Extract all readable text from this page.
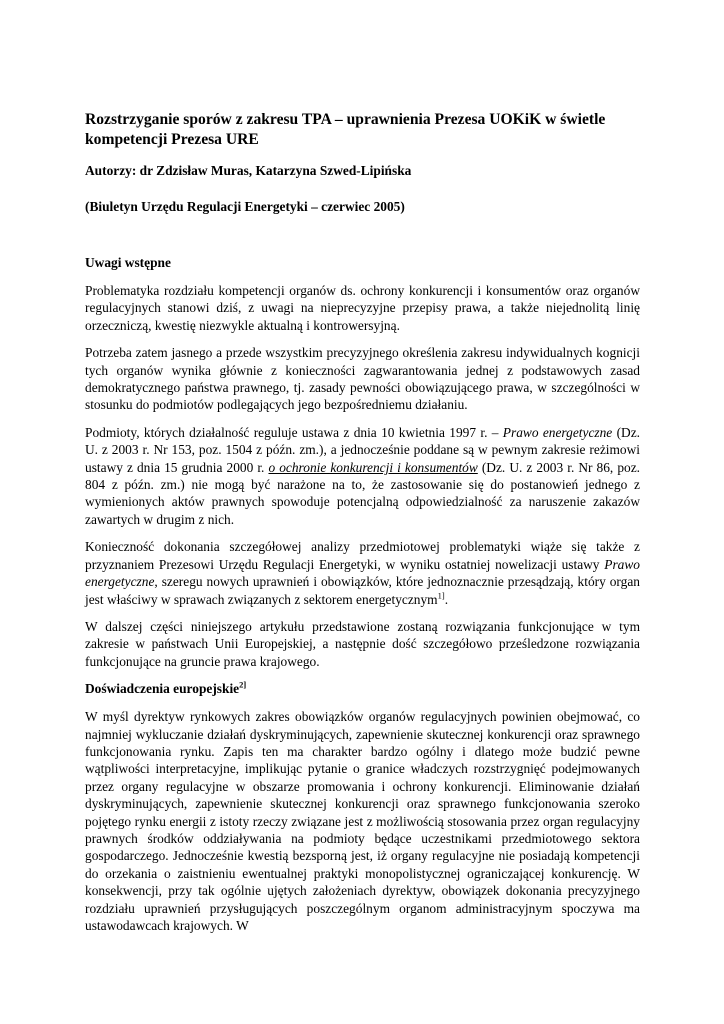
Rozstrzyganie sporów z zakresu TPA – uprawnienia Prezesa UOKiK w świetle kompetencji Prezesa URE
Autorzy: dr Zdzisław Muras, Katarzyna Szwed-Lipińska
(Biuletyn Urzędu Regulacji Energetyki – czerwiec 2005)
Uwagi wstępne

Problematyka rozdziału kompetencji organów ds. ochrony konkurencji i konsumentów oraz organów regulacyjnych stanowi dziś, z uwagi na nieprecyzyjne przepisy prawa, a także niejednolitą linię orzeczniczą, kwestię niezwykle aktualną i kontrowersyjną.

Potrzeba zatem jasnego a przede wszystkim precyzyjnego określenia zakresu indywidualnych kognicji tych organów wynika głównie z konieczności zagwarantowania jednej z podstawowych zasad demokratycznego państwa prawnego, tj. zasady pewności obowiązującego prawa, w szczególności w stosunku do podmiotów podlegających jego bezpośredniemu działaniu.

Podmioty, których działalność reguluje ustawa z dnia 10 kwietnia 1997 r. – Prawo energetyczne (Dz. U. z 2003 r. Nr 153, poz. 1504 z późn. zm.), a jednocześnie poddane są w pewnym zakresie reżimowi ustawy z dnia 15 grudnia 2000 r. o ochronie konkurencji i konsumentów (Dz. U. z 2003 r. Nr 86, poz. 804 z późn. zm.) nie mogą być narażone na to, że zastosowanie się do postanowień jednego z wymienionych aktów prawnych spowoduje potencjalną odpowiedzialność za naruszenie zakazów zawartych w drugim z nich.

Konieczność dokonania szczegółowej analizy przedmiotowej problematyki wiąże się także z przyznaniem Prezesowi Urzędu Regulacji Energetyki, w wyniku ostatniej nowelizacji ustawy Prawo energetyczne, szeregu nowych uprawnień i obowiązków, które jednoznacznie przesądzają, który organ jest właściwy w sprawach związanych z sektorem energetycznym$^{1]}$.

W dalszej części niniejszego artykułu przedstawione zostaną rozwiązania funkcjonujące w tym zakresie w państwach Unii Europejskiej, a następnie dość szczegółowo prześledzone rozwiązania funkcjonujące na gruncie prawa krajowego.

Doświadczenia europejskie$^{2]}$

W myśl dyrektyw rynkowych zakres obowiązków organów regulacyjnych powinien obejmować, co najmniej wykluczanie działań dyskryminujących, zapewnienie skutecznej konkurencji oraz sprawnego funkcjonowania rynku. Zapis ten ma charakter bardzo ogólny i dlatego może budzić pewne wątpliwości interpretacyjne, implikując pytanie o granice władczych rozstrzygnięć podejmowanych przez organy regulacyjne w obszarze promowania i ochrony konkurencji. Eliminowanie działań dyskryminujących, zapewnienie skutecznej konkurencji oraz sprawnego funkcjonowania szeroko pojętego rynku energii z istoty rzeczy związane jest z możliwością stosowania przez organ regulacyjny prawnych środków oddziaływania na podmioty będące uczestnikami przedmiotowego sektora gospodarczego. Jednocześnie kwestią bezsporną jest, iż organy regulacyjne nie posiadają kompetencji do orzekania o zaistnieniu ewentualnej praktyki monopolistycznej ograniczającej konkurencję. W konsekwencji, przy tak ogólnie ujętych założeniach dyrektyw, obowiązek dokonania precyzyjnego rozdziału uprawnień przysługujących poszczególnym organom administracyjnym spoczywa ma ustawodawcach krajowych. W
